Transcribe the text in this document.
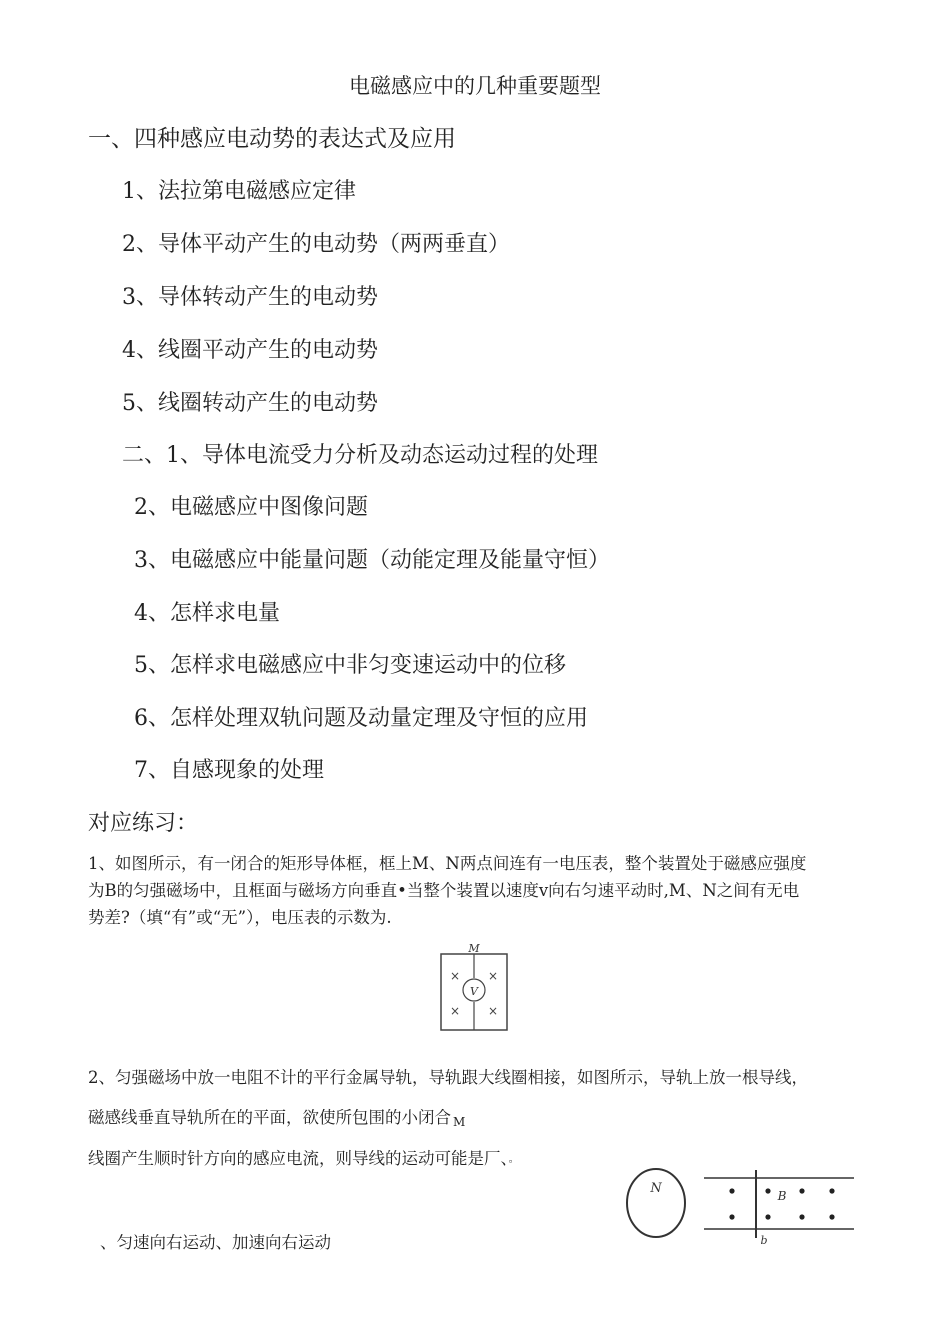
电磁感应中的几种重要题型
一、四种感应电动势的表达式及应用
1、法拉第电磁感应定律
2、导体平动产生的电动势（两两垂直）
3、导体转动产生的电动势
4、线圈平动产生的电动势
5、线圈转动产生的电动势
二、1、导体电流受力分析及动态运动过程的处理
2、电磁感应中图像问题
3、电磁感应中能量问题（动能定理及能量守恒）
4、怎样求电量
5、怎样求电磁感应中非匀变速运动中的位移
6、怎样处理双轨问题及动量定理及守恒的应用
7、自感现象的处理
对应练习：
1、如图所示，有一闭合的矩形导体框，框上M、N两点间连有一电压表，整个装置处于磁感应强度
为B的匀强磁场中，且框面与磁场方向垂直•当整个装置以速度v向右匀速平动时,M、N之间有无电
势差?（填“有”或“无”），电压表的示数为.
V
M
× ×
× ×
2、匀强磁场中放一电阻不计的平行金属导轨，导轨跟大线圈相接，如图所示，导轨上放一根导线，
磁感线垂直导轨所在的平面，欲使所包围的小闭合 M
线圈产生顺时针方向的感应电流，则导线的运动可能是厂、。
N	B
b
、匀速向右运动、加速向右运动
